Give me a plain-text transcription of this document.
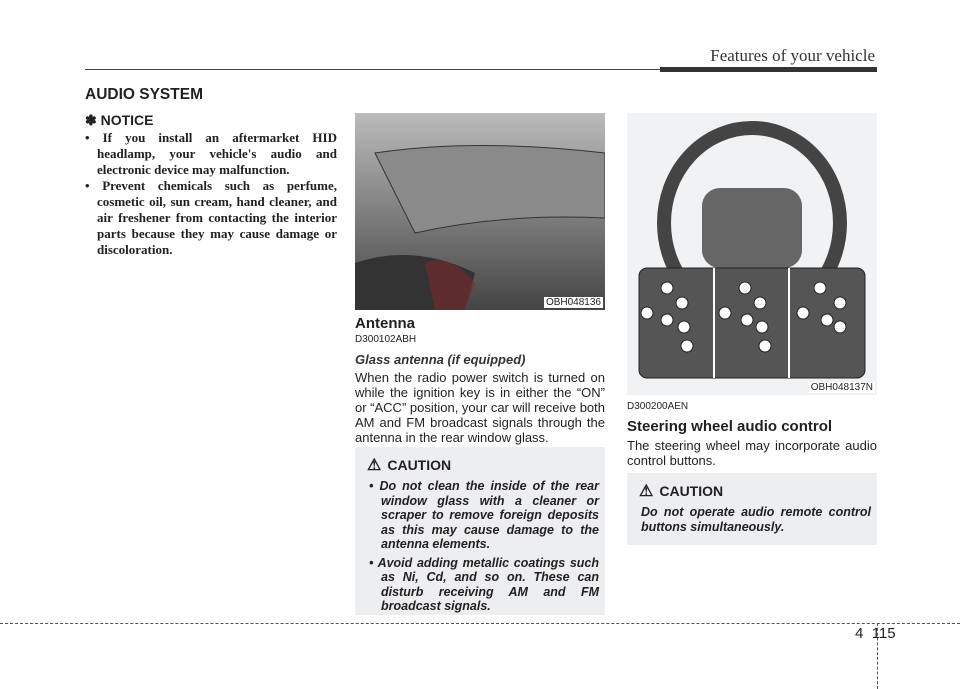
Features of your vehicle
AUDIO SYSTEM
✽ NOTICE
• If you install an aftermarket HID headlamp, your vehicle's audio and electronic device may malfunction.
• Prevent chemicals such as perfume, cosmetic oil, sun cream, hand cleaner, and air freshener from contacting the interior parts because they may cause damage or discoloration.
OBH048136
Antenna
D300102ABH
Glass antenna (if equipped)

When the radio power switch is turned on while the ignition key is in either the “ON” or “ACC” position, your car will receive both AM and FM broadcast signals through the antenna in the rear window glass.

⚠ CAUTION
• Do not clean the inside of the rear window glass with a cleaner or scraper to remove foreign deposits as this may cause damage to the antenna elements.
• Avoid adding metallic coatings such as Ni, Cd, and so on. These can disturb receiving AM and FM broadcast signals.
OBH048137N
D300200AEN
Steering wheel audio control

The steering wheel may incorporate audio control buttons.

⚠ CAUTION

Do not operate audio remote control buttons simultaneously.

4 115
